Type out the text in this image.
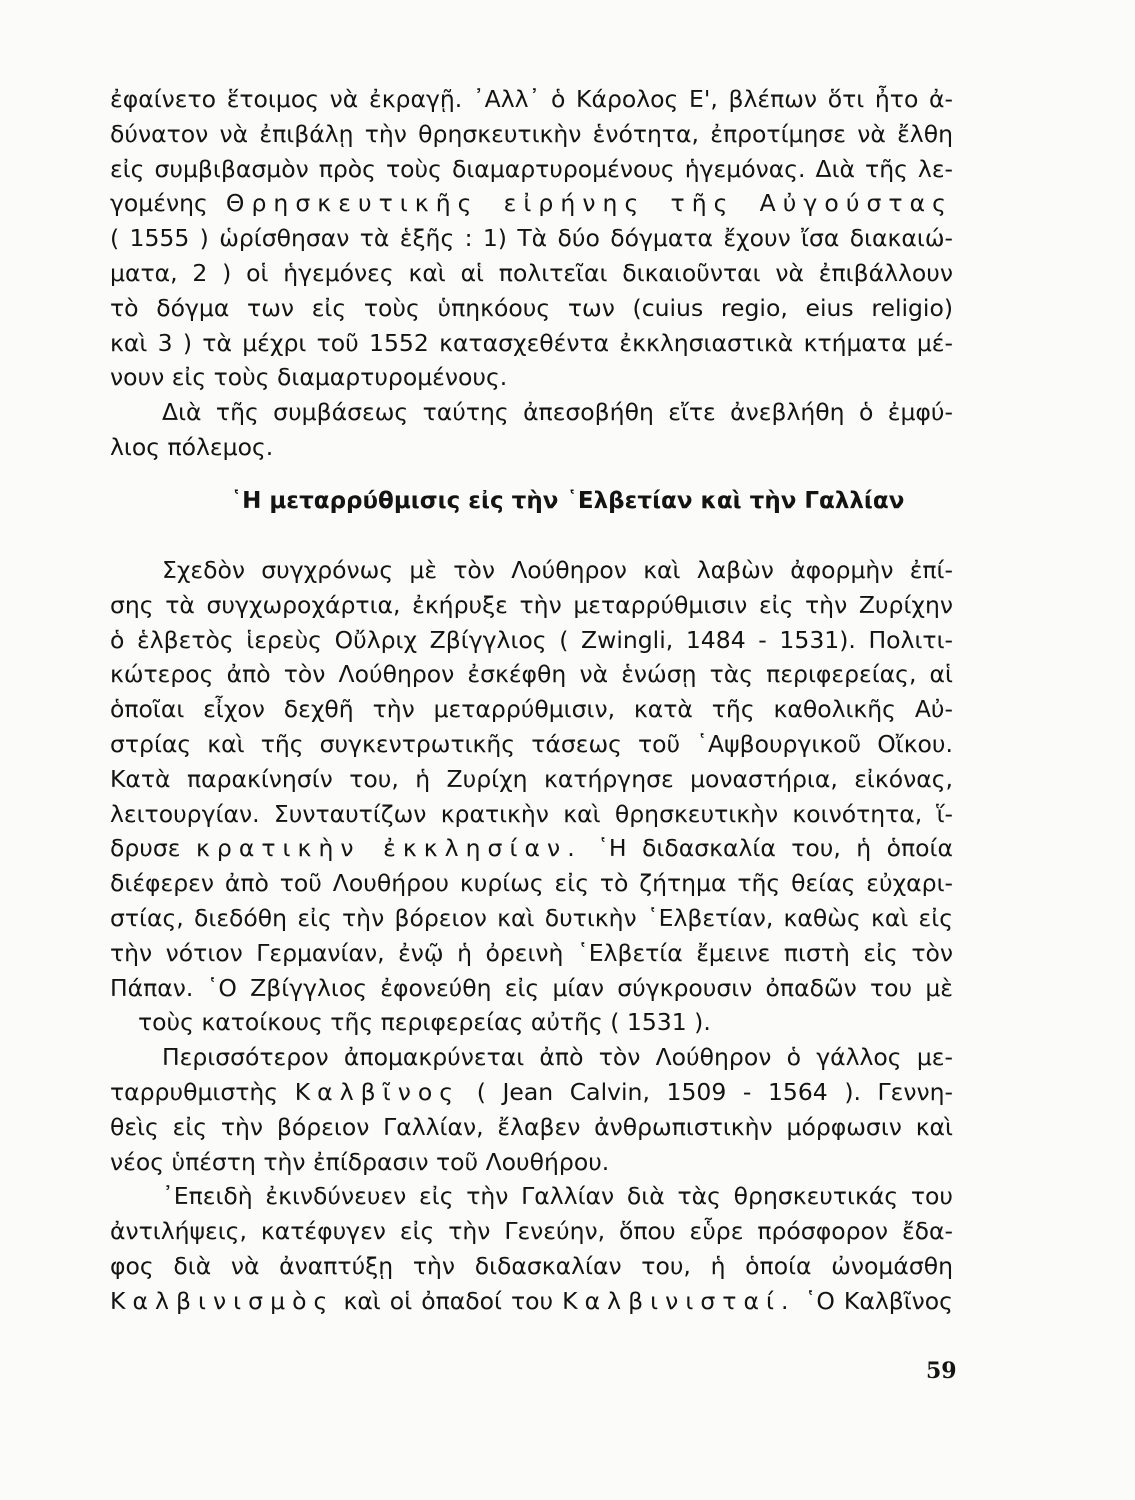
ἐφαίνετο ἕτοιμος νὰ ἐκραγῇ. ᾿Αλλ᾿ ὁ Κάρολος Ε', βλέπων ὅτι ἦτο ἀ-
δύνατον νὰ ἐπιβάλῃ τὴν θρησκευτικὴν ἑνότητα, ἐπροτίμησε νὰ ἔλθη
εἰς συμβιβασμὸν πρὸς τοὺς διαμαρτυρομένους ἡγεμόνας. Διὰ τῆς λε-
γομένης Θρησκευτικῆς εἰρήνης τῆς Αὐγούστας
( 1555 ) ὡρίσθησαν τὰ ἑξῆς : 1) Τὰ δύο δόγματα ἔχουν ἴσα διακαιώ-
ματα, 2 ) οἱ ἡγεμόνες καὶ αἱ πολιτεῖαι δικαιοῦνται νὰ ἐπιβάλλουν
τὸ δόγμα των εἰς τοὺς ὑπηκόους των (cuius regio, eius religio)
καὶ 3 ) τὰ μέχρι τοῦ 1552 κατασχεθέντα ἐκκλησιαστικὰ κτήματα μέ-
νουν εἰς τοὺς διαμαρτυρομένους.
Διὰ τῆς συμβάσεως ταύτης ἀπεσοβήθη εἴτε ἀνεβλήθη ὁ ἐμφύ-
λιος πόλεμος.
῾Η μεταρρύθμισις εἰς τὴν ῾Ελβετίαν καὶ τὴν Γαλλίαν
Σχεδὸν συγχρόνως μὲ τὸν Λούθηρον καὶ λαβὼν ἀφορμὴν ἐπί-
σης τὰ συγχωροχάρτια, ἐκήρυξε τὴν μεταρρύθμισιν εἰς τὴν Ζυρίχην
ὁ ἑλβετὸς ἱερεὺς Οὔλριχ Ζβίγγλιος ( Zwingli, 1484 - 1531). Πολιτι-
κώτερος ἀπὸ τὸν Λούθηρον ἐσκέφθη νὰ ἑνώσῃ τὰς περιφερείας, αἱ
ὁποῖαι εἶχον δεχθῆ τὴν μεταρρύθμισιν, κατὰ τῆς καθολικῆς Αὐ-
στρίας καὶ τῆς συγκεντρωτικῆς τάσεως τοῦ ῾Αψβουργικοῦ Οἴκου.
Κατὰ παρακίνησίν του, ἡ Ζυρίχη κατήργησε μοναστήρια, εἰκόνας,
λειτουργίαν. Συνταυτίζων κρατικὴν καὶ θρησκευτικὴν κοινότητα, ἵ-
δρυσε κρατικὴν ἐκκλησίαν. ῾Η διδασκαλία του, ἡ ὁποία
διέφερεν ἀπὸ τοῦ Λουθήρου κυρίως εἰς τὸ ζήτημα τῆς θείας εὐχαρι-
στίας, διεδόθη εἰς τὴν βόρειον καὶ δυτικὴν ῾Ελβετίαν, καθὼς καὶ εἰς
τὴν νότιον Γερμανίαν, ἐνῷ ἡ ὀρεινὴ ῾Ελβετία ἔμεινε πιστὴ εἰς τὸν
Πάπαν. ῾Ο Ζβίγγλιος ἐφονεύθη εἰς μίαν σύγκρουσιν ὀπαδῶν του μὲ
τοὺς κατοίκους τῆς περιφερείας αὐτῆς ( 1531 ).
Περισσότερον ἀπομακρύνεται ἀπὸ τὸν Λούθηρον ὁ γάλλος με-
ταρρυθμιστὴς Καλβῖνος ( Jean Calvin, 1509 - 1564 ). Γεννη-
θεὶς εἰς τὴν βόρειον Γαλλίαν, ἔλαβεν ἀνθρωπιστικὴν μόρφωσιν καὶ
νέος ὑπέστη τὴν ἐπίδρασιν τοῦ Λουθήρου.
᾿Επειδὴ ἐκινδύνευεν εἰς τὴν Γαλλίαν διὰ τὰς θρησκευτικάς του
ἀντιλήψεις, κατέφυγεν εἰς τὴν Γενεύην, ὅπου εὗρε πρόσφορον ἔδα-
φος διὰ νὰ ἀναπτύξῃ τὴν διδασκαλίαν του, ἡ ὁποία ὠνομάσθη
Καλβινισμὸς καὶ οἱ ὀπαδοί του Καλβινισταί. ῾Ο Καλβῖνος
59
